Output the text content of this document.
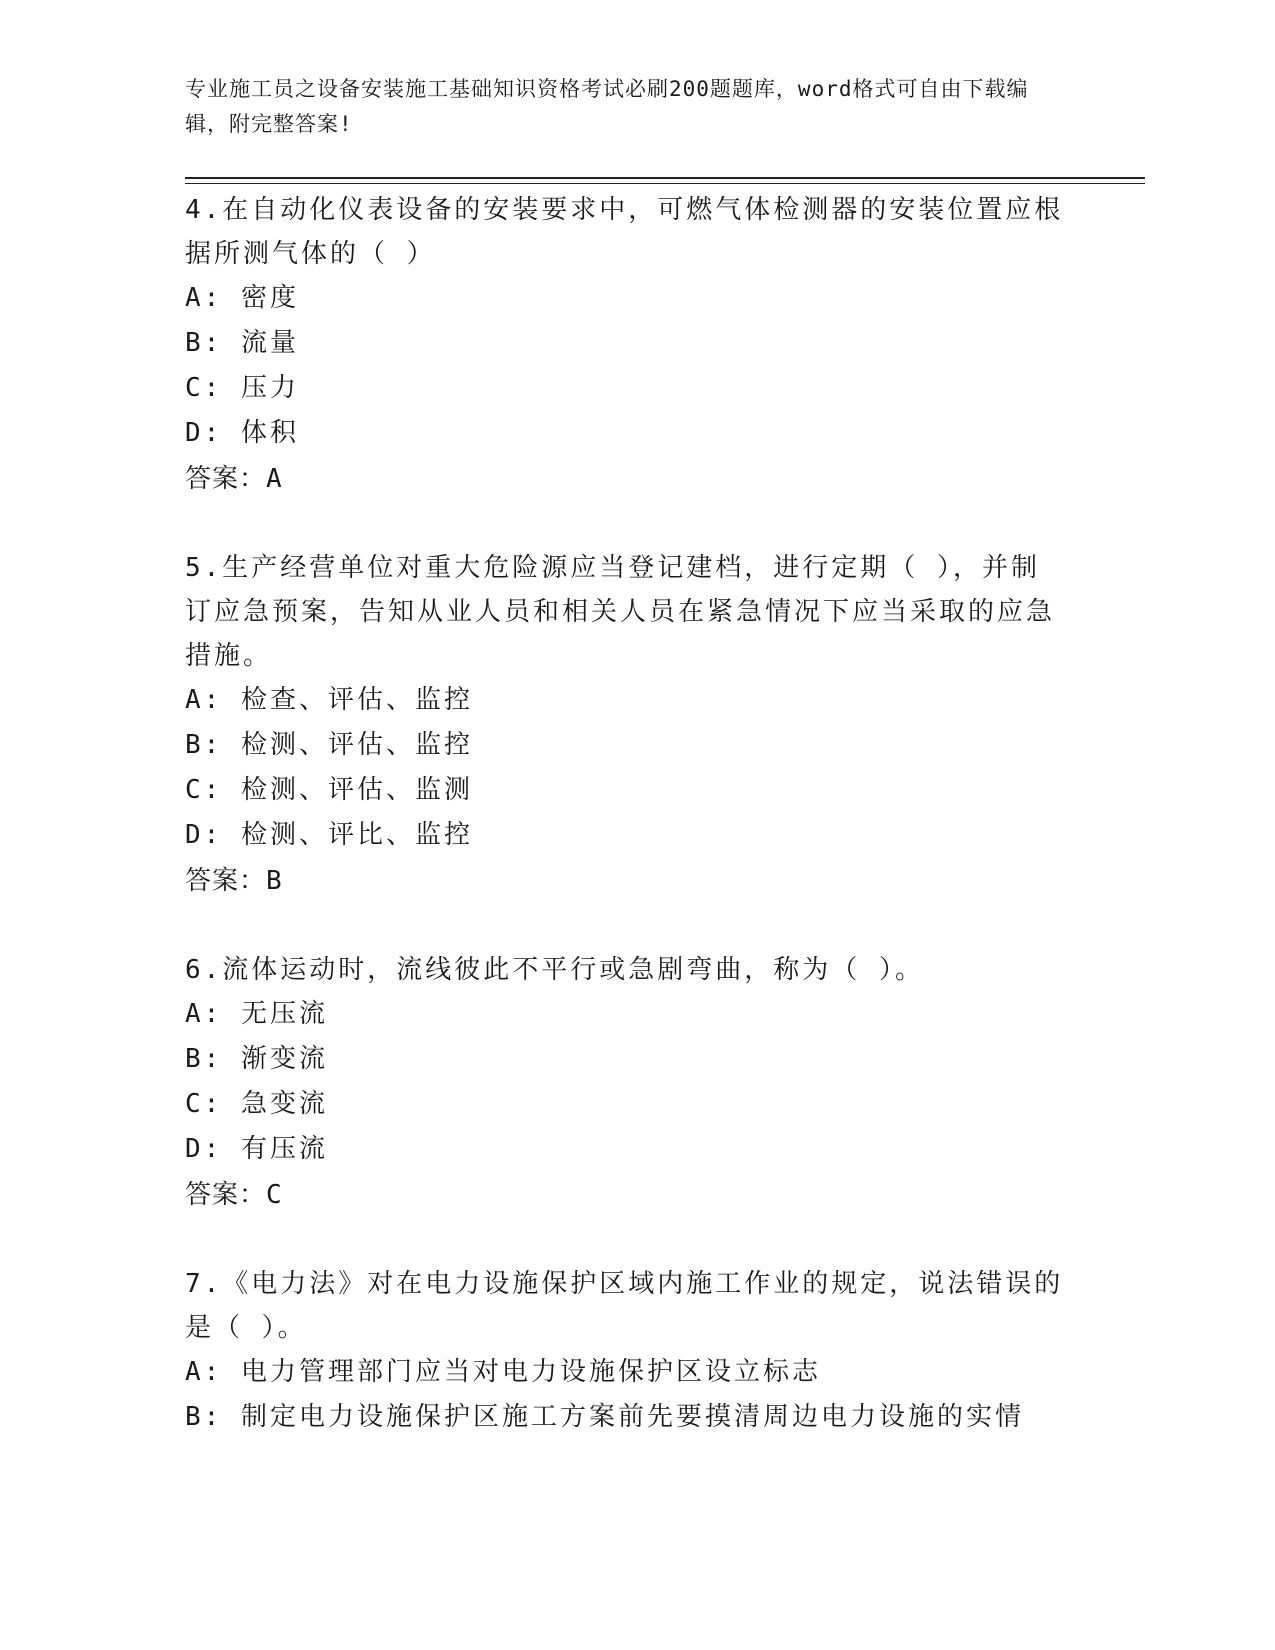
专业施工员之设备安装施工基础知识资格考试必刷200题题库，word格式可自由下载编辑，附完整答案!
4.在自动化仪表设备的安装要求中，可燃气体检测器的安装位置应根据所测气体的（ ）
A: 密度
B: 流量
C: 压力
D: 体积
答案： A
5.生产经营单位对重大危险源应当登记建档，进行定期（ ），并制订应急预案，告知从业人员和相关人员在紧急情况下应当采取的应急措施。
A: 检查、评估、监控
B: 检测、评估、监控
C: 检测、评估、监测
D: 检测、评比、监控
答案： B
6.流体运动时，流线彼此不平行或急剧弯曲，称为（ ）。
A: 无压流
B: 渐变流
C: 急变流
D: 有压流
答案： C
7.《电力法》对在电力设施保护区域内施工作业的规定，说法错误的是（ ）。
A: 电力管理部门应当对电力设施保护区设立标志
B: 制定电力设施保护区施工方案前先要摸清周边电力设施的实情
